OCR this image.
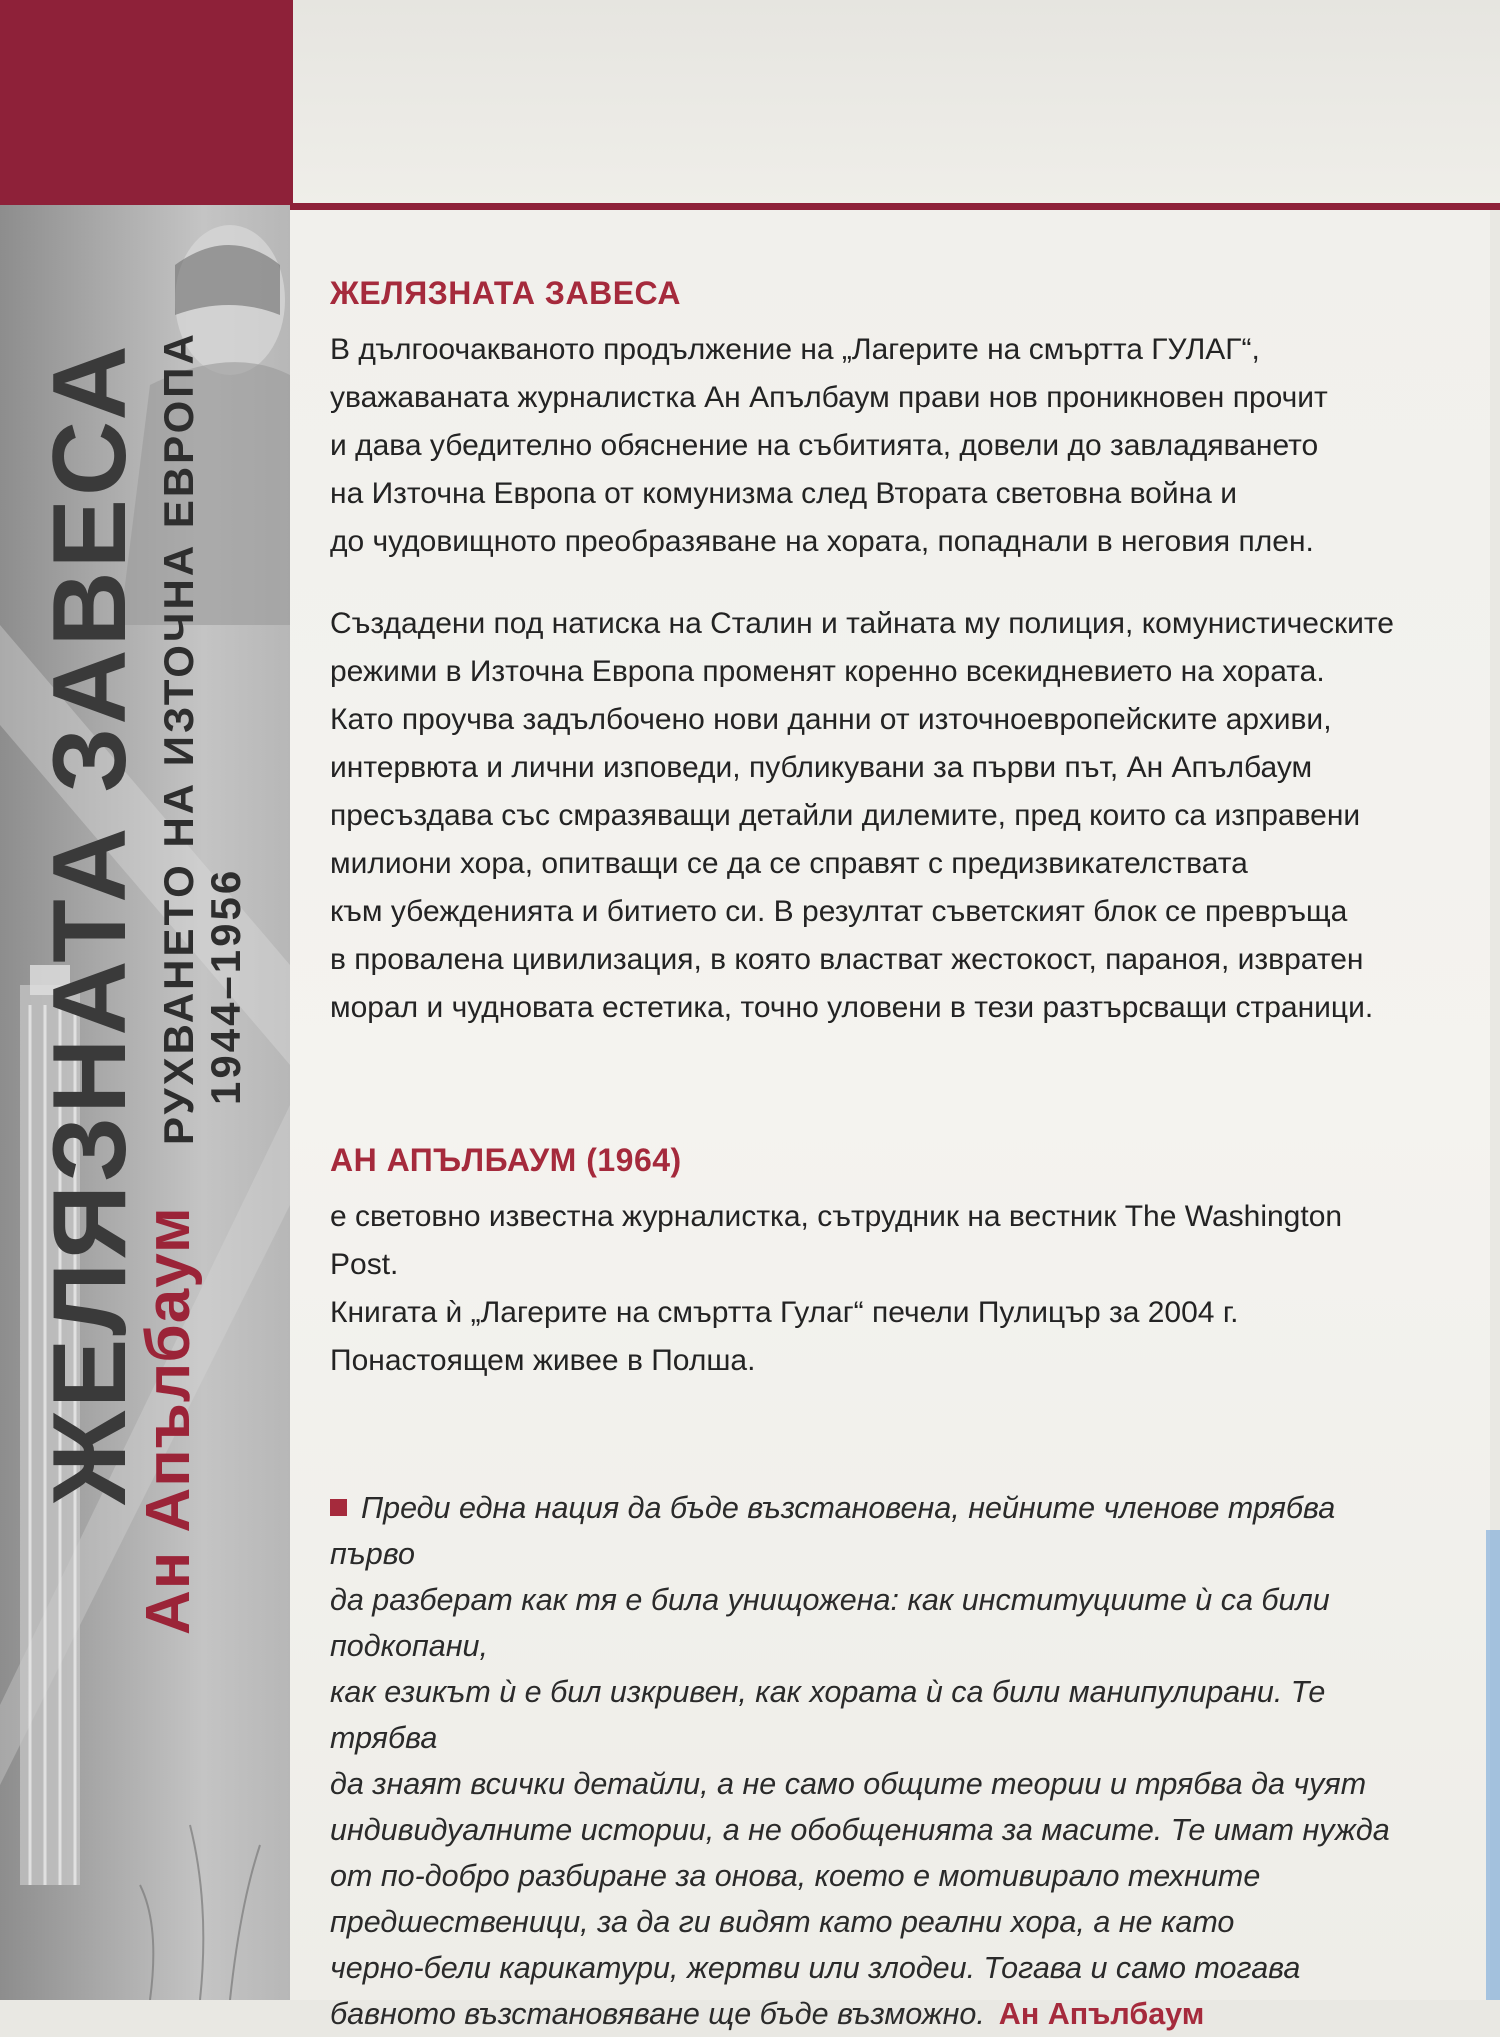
ЖЕЛЯЗНАТА ЗАВЕСА
Ан Апълбаум
РУХВАНЕТО НА ИЗТОЧНА ЕВРОПА 1944–1956
ЖЕЛЯЗНАТА ЗАВЕСА

В дългоочакваното продължение на „Лагерите на смъртта ГУЛАГ“,

уважаваната журналистка Ан Апълбаум прави нов проникновен прочит

и дава убедително обяснение на събитията, довели до завладяването

на Източна Европа от комунизма след Втората световна война и

до чудовищното преобразяване на хората, попаднали в неговия плен.

Създадени под натиска на Сталин и тайната му полиция, комунистическите

режими в Източна Европа променят коренно всекидневието на хората.

Като проучва задълбочено нови данни от източноевропейските архиви,

интервюта и лични изповеди, публикувани за първи път, Ан Апълбаум

пресъздава със смразяващи детайли дилемите, пред които са изправени

милиони хора, опитващи се да се справят с предизвикателствата

към убежденията и битието си. В резултат съветският блок се превръща

в провалена цивилизация, в която властват жестокост, параноя, извратен

морал и чудновата естетика, точно уловени в тези разтърсващи страници.

АН АПЪЛБАУМ (1964)

е световно известна журналистка, сътрудник на вестник The Washington Post.

Книгата ѝ „Лагерите на смъртта Гулаг“ печели Пулицър за 2004 г.

Понастоящем живее в Полша.

Преди една нация да бъде възстановена, нейните членове трябва първо

да разберат как тя е била унищожена: как институциите ѝ са били подкопани,

как езикът ѝ е бил изкривен, как хората ѝ са били манипулирани. Те трябва

да знаят всички детайли, а не само общите теории и трябва да чуят

индивидуалните истории, а не обобщенията за масите. Те имат нужда

от по-добро разбиране за онова, което е мотивирало техните

предшественици, за да ги видят като реални хора, а не като

черно-бели карикатури, жертви или злодеи. Тогава и само тогава

бавното възстановяване ще бъде възможно. Ан Апълбаум
